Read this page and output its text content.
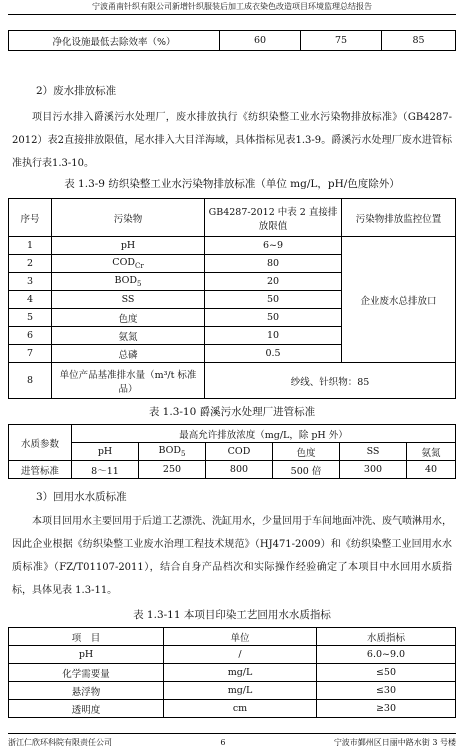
宁波甬南针织有限公司新增针织服装后加工成衣染色改造项目环境监理总结报告
净化设施最低去除效率（%）	60	75	85
2）废水排放标准
项目污水排入爵溪污水处理厂，废水排放执行《纺织染整工业水污染物排放标准》（GB4287-2012）表2直接排放限值，尾水排入大目洋海域，具体指标见表1.3-9。爵溪污水处理厂废水进管标准执行表1.3-10。
表 1.3-9 纺织染整工业水污染物排放标准（单位 mg/L，pH/色度除外）
序号	污染物	GB4287-2012 中表 2 直接排放限值	污染物排放监控位置
1	pH	6~9	企业废水总排放口
2	$COD_{Cr}$	80	
3	$BOD_5$	20	
4	SS	50	
5	色度	50	
6	氨氮	10	
7	总磷	0.5	
8	单位产品基准排水量（m³/t 标准品）	纱线、针织物：85	
表 1.3-10 爵溪污水处理厂进管标准
水质参数	最高允许排放浓度（mg/L，除 pH 外）					
	pH	$BOD_5$	COD	色度	SS	氨氮
进管标准	8～11	250	800	500 倍	300	40
3）回用水水质标准
本项目回用水主要回用于后道工艺漂洗、洗缸用水，少量回用于车间地面冲洗、废气喷淋用水，因此企业根据《纺织染整工业废水治理工程技术规范》（HJ471-2009）和《纺织染整工业回用水水质标准》（FZ/T01107-2011），结合自身产品档次和实际操作经验确定了本项目中水回用水质指标，具体见表 1.3-11。
表 1.3-11 本项目印染工艺回用水水质指标
项　目	单位	水质指标
pH	/	6.0~9.0
化学需要量	mg/L	≤50
悬浮物	mg/L	≤30
透明度	cm	≥30
浙江仁欣环科院有限责任公司	6	宁波市鄞州区日丽中路水街 3 号楼
